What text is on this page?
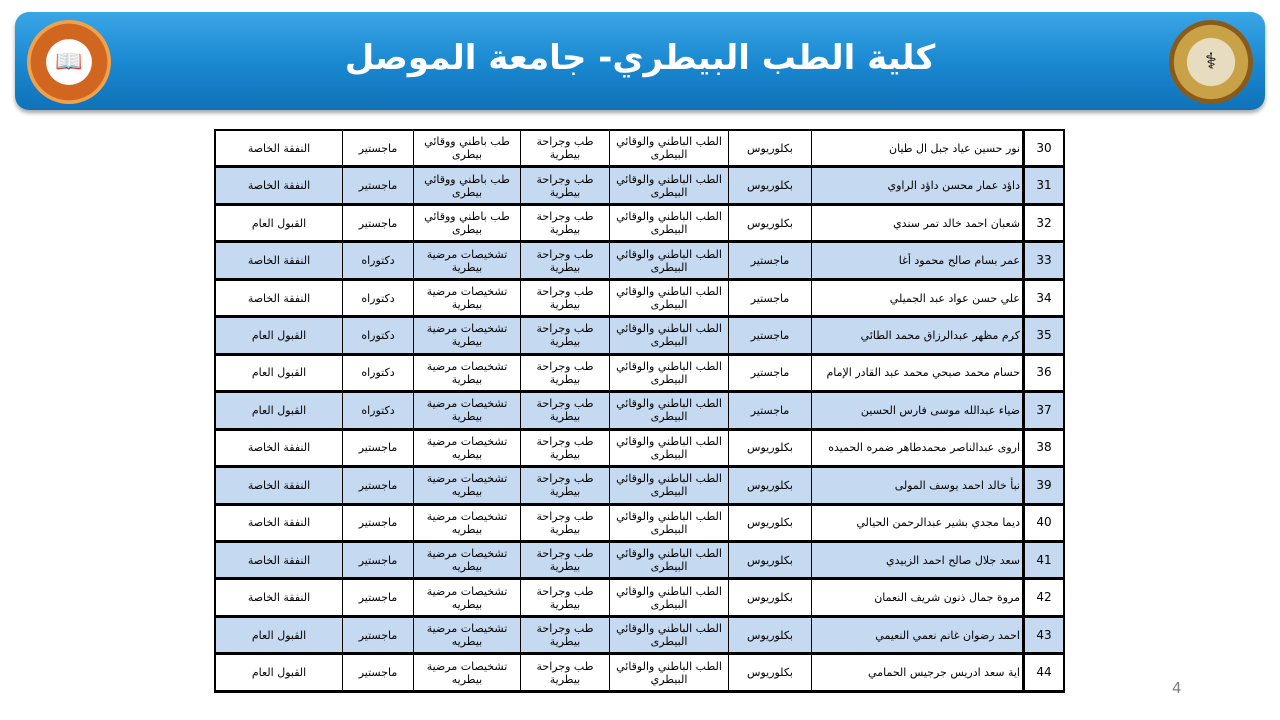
📖	كلية الطب البيطري- جامعة الموصل	⚕
30	نور حسين عياد جبل ال طيان	بكلوريوس	الطب الباطني والوقائي البيطرى	طب وجراحة بيطرية	طب باطني ووقائي بيطرى	ماجستير	النفقة الخاصة
31	داؤد عمار محسن داؤد الراوي	بكلوريوس	الطب الباطني والوقائي البيطرى	طب وجراحة بيطرية	طب باطني ووقائي بيطرى	ماجستير	النفقة الخاصة
32	شعبان احمد خالد تمر سندي	بكلوريوس	الطب الباطني والوقائي البيطرى	طب وجراحة بيطرية	طب باطني ووقائي بيطرى	ماجستير	القبول العام
33	عمر بسام صالح محمود أغا	ماجستير	الطب الباطني والوقائي البيطرى	طب وجراحة بيطرية	تشخيصات مرضية بيطرية	دكتوراه	النفقة الخاصة
34	علي حسن عواد عبد الجميلي	ماجستير	الطب الباطني والوقائي البيطرى	طب وجراحة بيطرية	تشخيصات مرضية بيطرية	دكتوراه	النفقة الخاصة
35	كرم مظهر عبدالرزاق محمد الطائي	ماجستير	الطب الباطني والوقائي البيطرى	طب وجراحة بيطرية	تشخيصات مرضية بيطرية	دكتوراه	القبول العام
36	حسام محمد صبحي محمد عبد القادر الإمام	ماجستير	الطب الباطني والوقائي البيطرى	طب وجراحة بيطرية	تشخيصات مرضية بيطرية	دكتوراه	القبول العام
37	ضياء عبدالله موسى فارس الحسين	ماجستير	الطب الباطني والوقائي البيطرى	طب وجراحة بيطرية	تشخيصات مرضية بيطرية	دكتوراه	القبول العام
38	اروى عبدالناصر محمدطاهر ضمره الحميده	بكلوريوس	الطب الباطني والوقائي البيطرى	طب وجراحة بيطرية	تشخيصات مرضية بيطريه	ماجستير	النفقة الخاصة
39	نبأ خالد احمد يوسف المولى	بكلوريوس	الطب الباطني والوقائي البيطرى	طب وجراحة بيطرية	تشخيصات مرضية بيطريه	ماجستير	النفقة الخاصة
40	ديما مجدي بشير عبدالرحمن الحيالي	بكلوريوس	الطب الباطني والوقائي البيطرى	طب وجراحة بيطرية	تشخيصات مرضية بيطريه	ماجستير	النفقة الخاصة
41	سعد جلال صالح احمد الزبيدي	بكلوريوس	الطب الباطني والوقائي البيطرى	طب وجراحة بيطرية	تشخيصات مرضية بيطريه	ماجستير	النفقة الخاصة
42	مروة جمال ذنون شريف النعمان	بكلوريوس	الطب الباطني والوقائي البيطرى	طب وجراحة بيطرية	تشخيصات مرضية بيطريه	ماجستير	النفقة الخاصة
43	احمد رضوان غانم نعمي النعيمي	بكلوريوس	الطب الباطني والوقائي البيطرى	طب وجراحة بيطرية	تشخيصات مرضية بيطريه	ماجستير	القبول العام
44	اية سعد ادريس جرجيس الحمامي	بكلوريوس	الطب الباطني والوقائي البيطري	طب وجراحة بيطرية	تشخيصات مرضية بيطريه	ماجستير	القبول العام
4
